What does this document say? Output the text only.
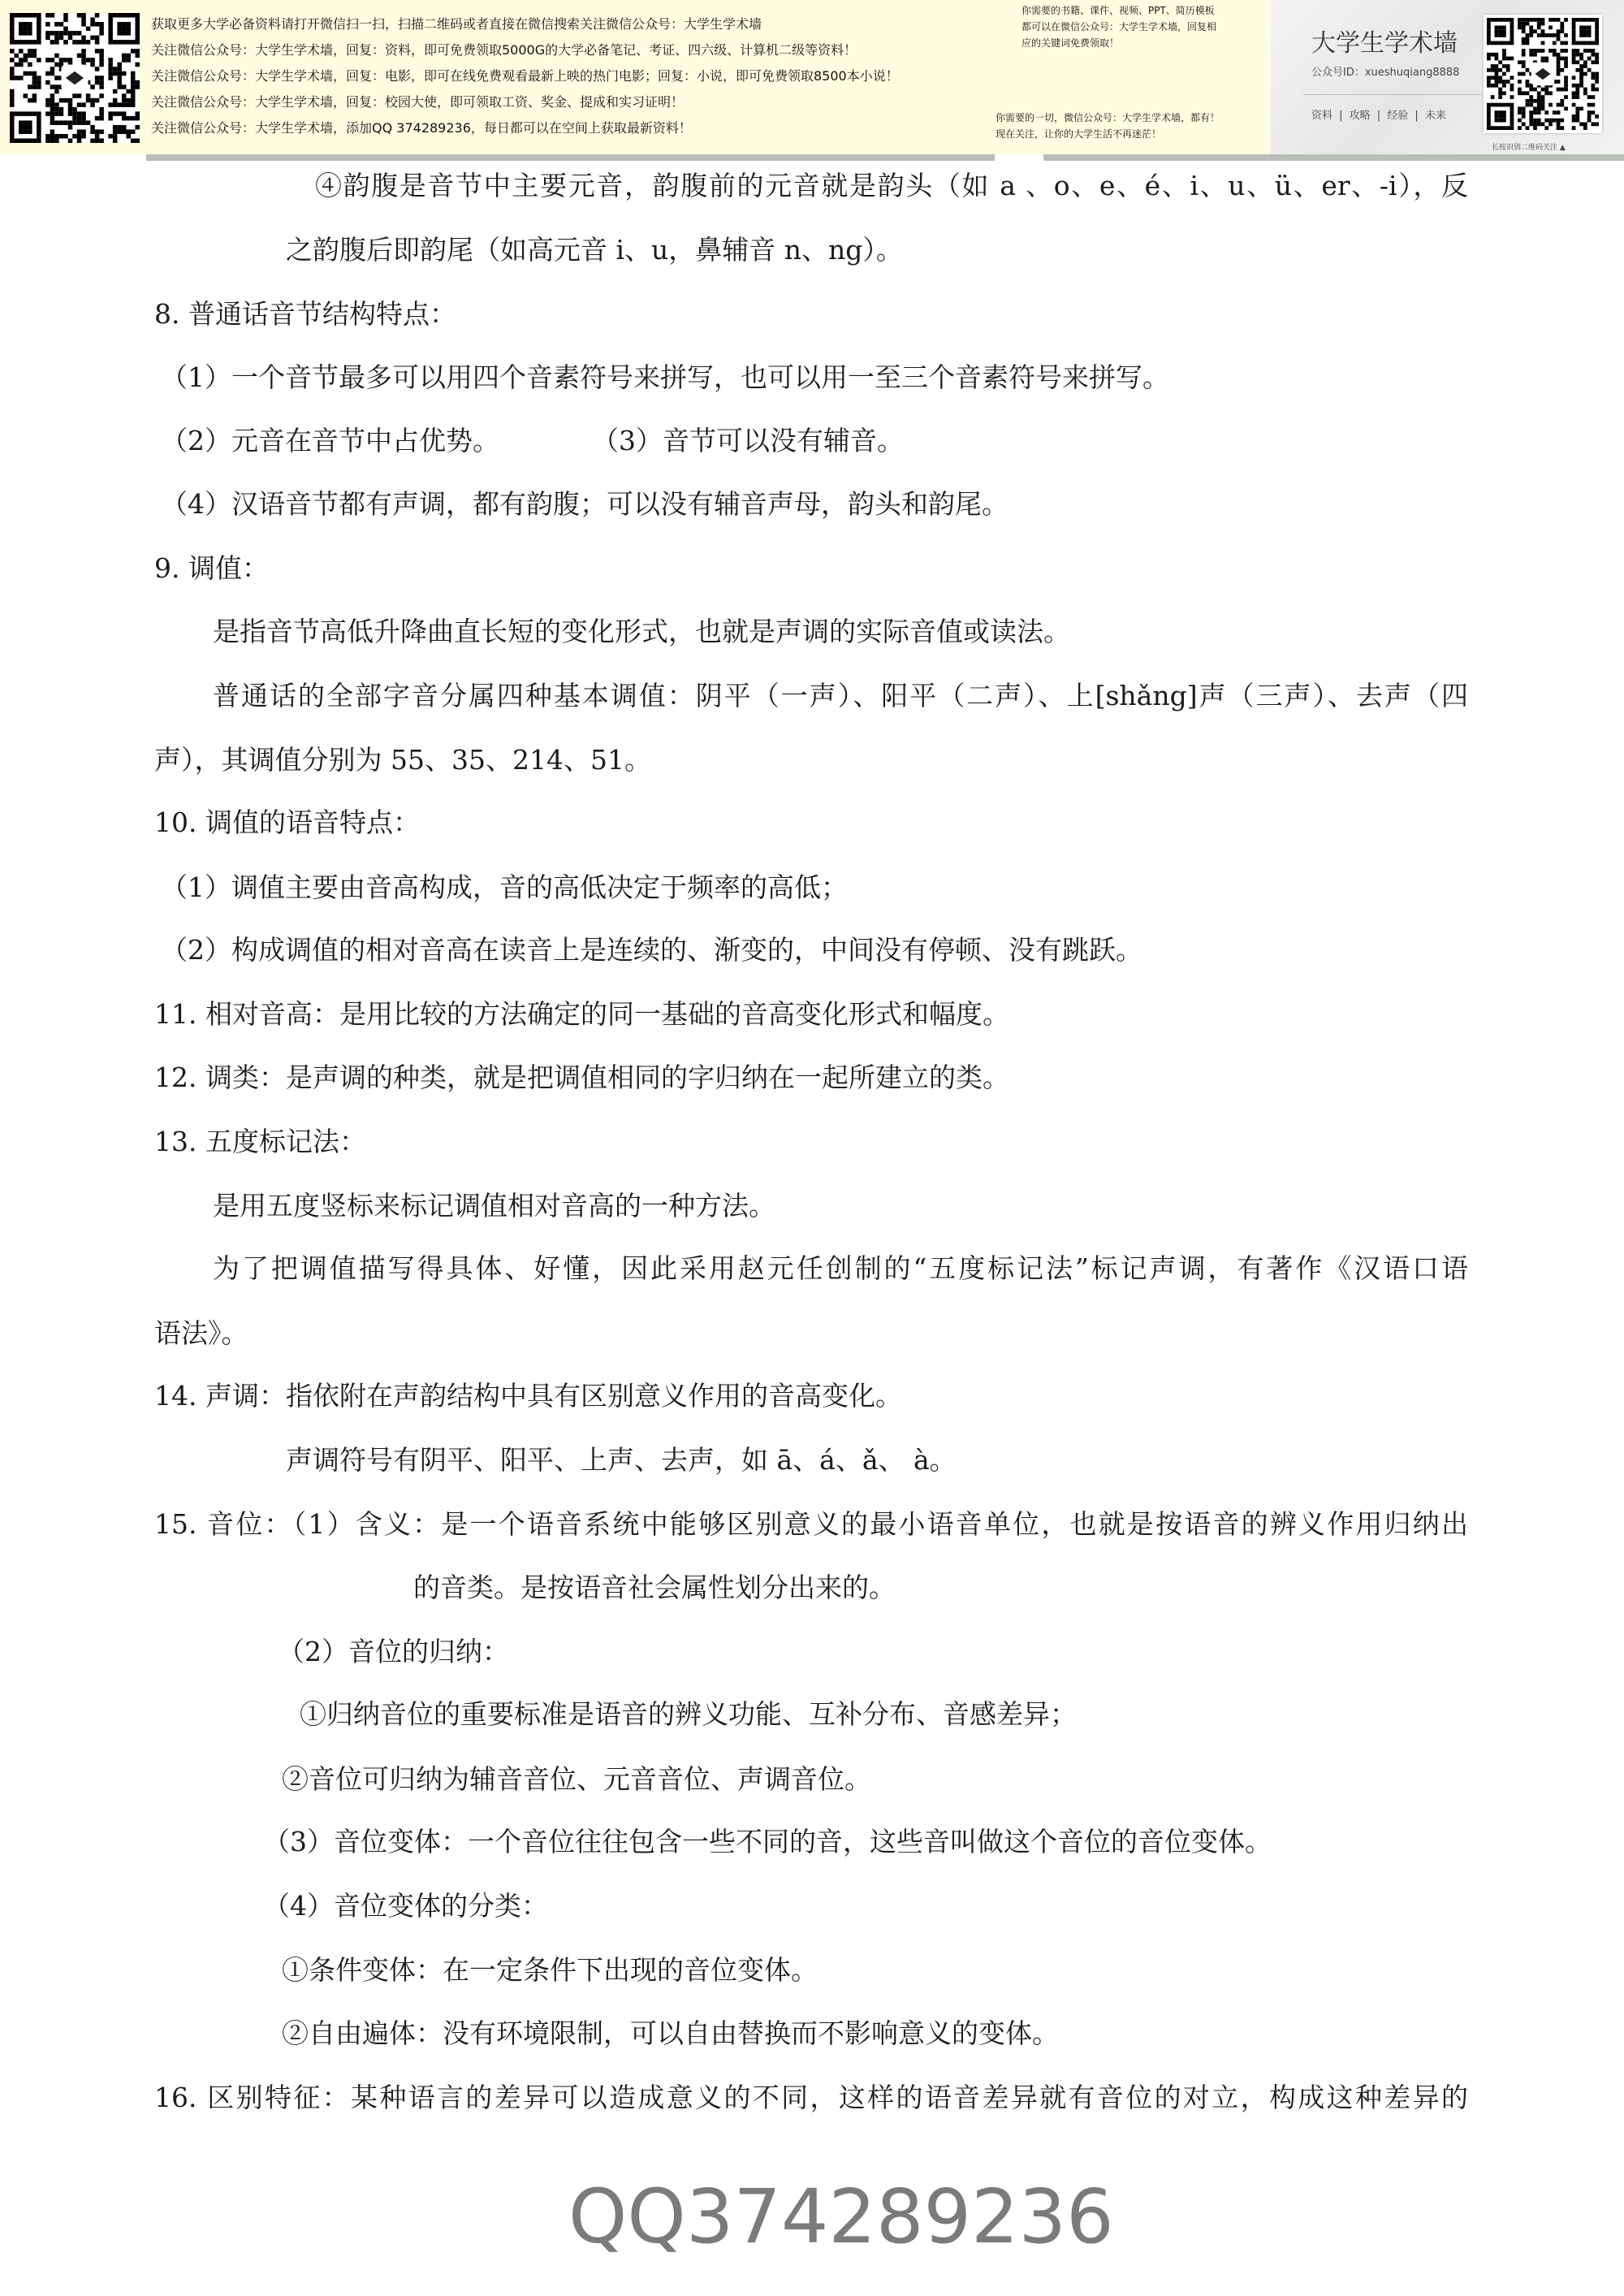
获取更多大学必备资料请打开微信扫一扫，扫描二维码或者直接在微信搜索关注微信公众号：大学生学术墙
关注微信公众号：大学生学术墙，回复：资料，即可免费领取5000G的大学必备笔记、考证、四六级、计算机二级等资料！
关注微信公众号：大学生学术墙，回复：电影，即可在线免费观看最新上映的热门电影；回复：小说，即可免费领取8500本小说！
关注微信公众号：大学生学术墙，回复：校园大使，即可领取工资、奖金、提成和实习证明！
关注微信公众号：大学生学术墙，添加QQ 374289236，每日都可以在空间上获取最新资料！
你需要的书籍、课件、视频、PPT、简历模板
都可以在微信公众号：大学生学术墙，回复相
应的关键词免费领取！
你需要的一切，微信公众号：大学生学术墙，都有！
现在关注，让你的大学生活不再迷茫！
大学生学术墙
公众号ID：xueshuqiang8888
资料 | 攻略 | 经验 | 未来
长按识别二维码关注 ▲
④韵腹是音节中主要元音，韵腹前的元音就是韵头（如 a 、o、e、é、i、u、ü、er、-i），反
之韵腹后即韵尾（如高元音 i、u，鼻辅音 n、ng）。
8. 普通话音节结构特点：
（1）一个音节最多可以用四个音素符号来拼写，也可以用一至三个音素符号来拼写。
（2）元音在音节中占优势。	（3）音节可以没有辅音。
（4）汉语音节都有声调，都有韵腹；可以没有辅音声母，韵头和韵尾。
9. 调值：
是指音节高低升降曲直长短的变化形式，也就是声调的实际音值或读法。
普通话的全部字音分属四种基本调值：阴平（一声）、阳平（二声）、上[shǎng]声（三声）、去声（四
声），其调值分别为 55、35、214、51。
10. 调值的语音特点：
（1）调值主要由音高构成，音的高低决定于频率的高低；
（2）构成调值的相对音高在读音上是连续的、渐变的，中间没有停顿、没有跳跃。
11. 相对音高：是用比较的方法确定的同一基础的音高变化形式和幅度。
12. 调类：是声调的种类，就是把调值相同的字归纳在一起所建立的类。
13. 五度标记法：
是用五度竖标来标记调值相对音高的一种方法。
为了把调值描写得具体、好懂，因此采用赵元任创制的“五度标记法”标记声调，有著作《汉语口语
语法》。
14. 声调：指依附在声韵结构中具有区别意义作用的音高变化。
声调符号有阴平、阳平、上声、去声，如 ā、á、ǎ、 à。
15. 音位：（1）含义：是一个语音系统中能够区别意义的最小语音单位，也就是按语音的辨义作用归纳出
的音类。是按语音社会属性划分出来的。
（2）音位的归纳：
①归纳音位的重要标准是语音的辨义功能、互补分布、音感差异；
②音位可归纳为辅音音位、元音音位、声调音位。
（3）音位变体：一个音位往往包含一些不同的音，这些音叫做这个音位的音位变体。
（4）音位变体的分类：
①条件变体：在一定条件下出现的音位变体。
②自由遍体：没有环境限制，可以自由替换而不影响意义的变体。
16. 区别特征：某种语言的差异可以造成意义的不同，这样的语音差异就有音位的对立，构成这种差异的
QQ374289236
